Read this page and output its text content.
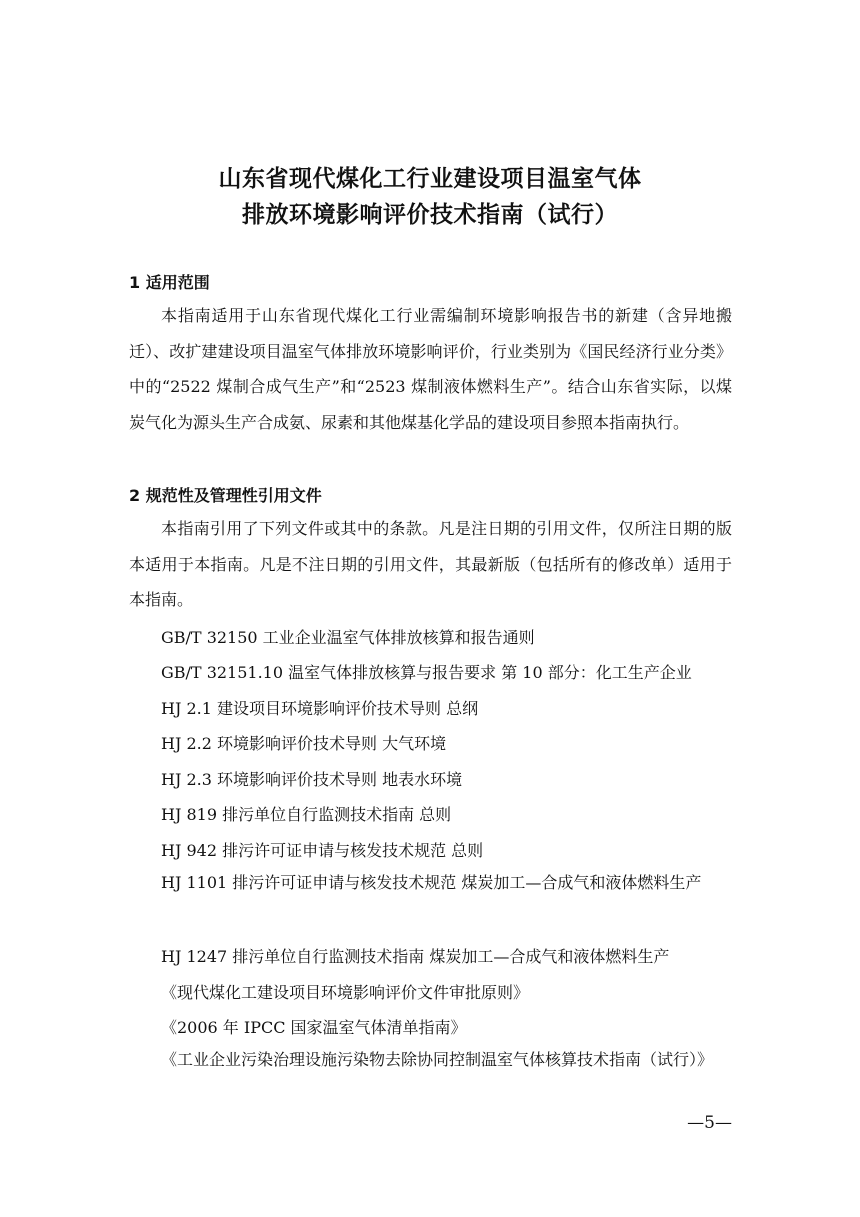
山东省现代煤化工行业建设项目温室气体
排放环境影响评价技术指南（试行）
1 适用范围

本指南适用于山东省现代煤化工行业需编制环境影响报告书的新建（含异地搬迁）、改扩建建设项目温室气体排放环境影响评价，行业类别为《国民经济行业分类》中的“2522 煤制合成气生产”和“2523 煤制液体燃料生产”。结合山东省实际，以煤炭气化为源头生产合成氨、尿素和其他煤基化学品的建设项目参照本指南执行。

2 规范性及管理性引用文件

本指南引用了下列文件或其中的条款。凡是注日期的引用文件，仅所注日期的版本适用于本指南。凡是不注日期的引用文件，其最新版（包括所有的修改单）适用于本指南。

GB/T 32150 工业企业温室气体排放核算和报告通则
GB/T 32151.10 温室气体排放核算与报告要求 第 10 部分：化工生产企业
HJ 2.1 建设项目环境影响评价技术导则 总纲
HJ 2.2 环境影响评价技术导则 大气环境
HJ 2.3 环境影响评价技术导则 地表水环境
HJ 819 排污单位自行监测技术指南 总则
HJ 942 排污许可证申请与核发技术规范 总则

HJ 1101 排污许可证申请与核发技术规范 煤炭加工—合成气和液体燃料生产

HJ 1247 排污单位自行监测技术指南 煤炭加工—合成气和液体燃料生产
《现代煤化工建设项目环境影响评价文件审批原则》
《2006 年 IPCC 国家温室气体清单指南》

《工业企业污染治理设施污染物去除协同控制温室气体核算技术指南（试行）》

—5—
